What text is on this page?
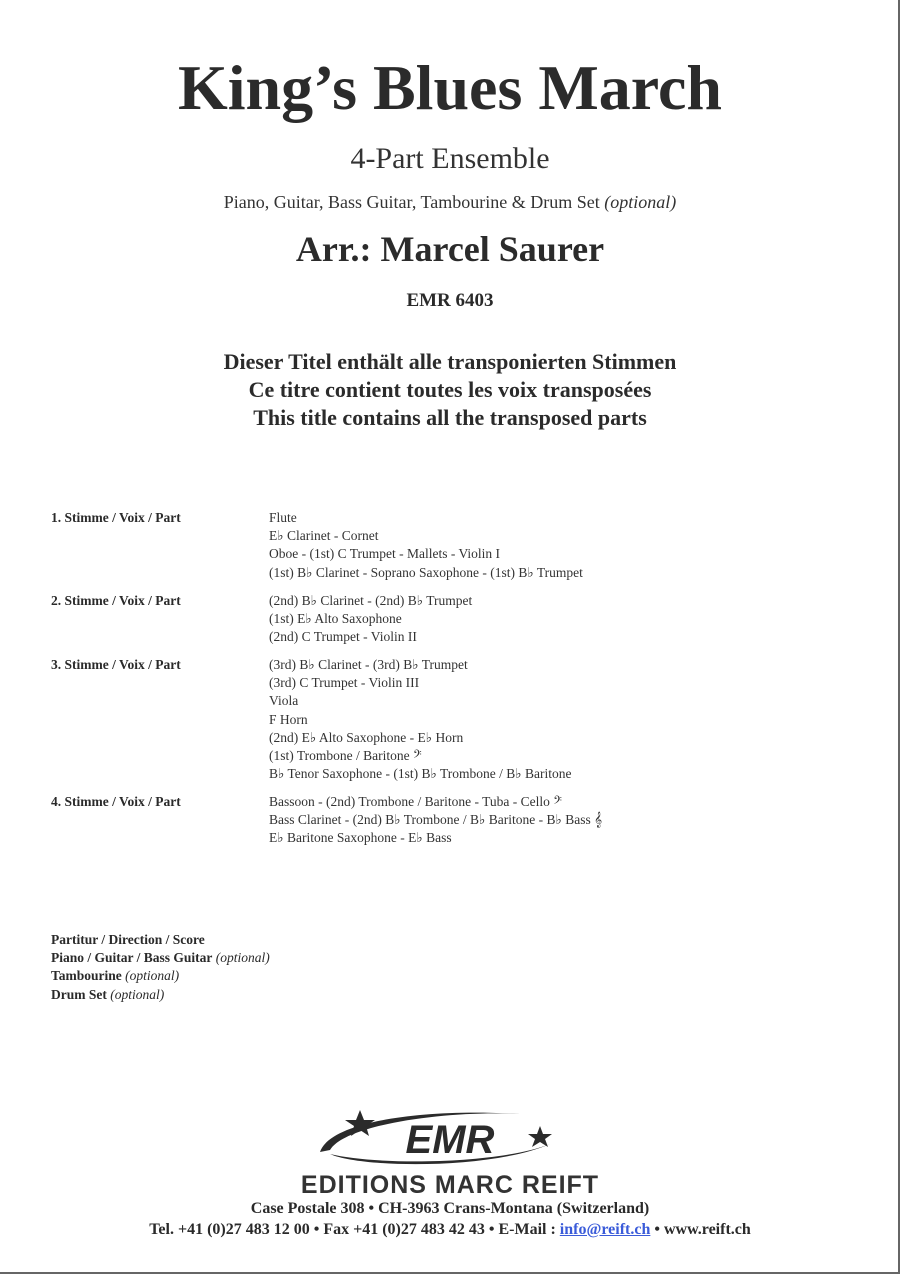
King’s Blues March
4-Part Ensemble
Piano, Guitar, Bass Guitar, Tambourine & Drum Set (optional)
Arr.: Marcel Saurer
EMR 6403
Dieser Titel enthält alle transponierten Stimmen
Ce titre contient toutes les voix transposées
This title contains all the transposed parts
1. Stimme / Voix / Part	Flute
E♭ Clarinet - Cornet
Oboe - (1st) C Trumpet - Mallets - Violin I
(1st) B♭ Clarinet - Soprano Saxophone - (1st) B♭ Trumpet
2. Stimme / Voix / Part	(2nd) B♭ Clarinet - (2nd) B♭ Trumpet
(1st) E♭ Alto Saxophone
(2nd) C Trumpet - Violin II
3. Stimme / Voix / Part	(3rd) B♭ Clarinet - (3rd) B♭ Trumpet
(3rd) C Trumpet - Violin III
Viola
F Horn
(2nd) E♭ Alto Saxophone - E♭ Horn
(1st) Trombone / Baritone 𝄢
B♭ Tenor Saxophone - (1st) B♭ Trombone / B♭ Baritone
4. Stimme / Voix / Part	Bassoon - (2nd) Trombone / Baritone - Tuba - Cello 𝄢
Bass Clarinet - (2nd) B♭ Trombone / B♭ Baritone - B♭ Bass 𝄞
E♭ Baritone Saxophone - E♭ Bass
Partitur / Direction / Score
Piano / Guitar / Bass Guitar (optional)
Tambourine (optional)
Drum Set (optional)
EMR
EDITIONS MARC REIFT
Case Postale 308 • CH-3963 Crans-Montana (Switzerland)
Tel. +41 (0)27 483 12 00 • Fax +41 (0)27 483 42 43 • E-Mail : info@reift.ch • www.reift.ch
